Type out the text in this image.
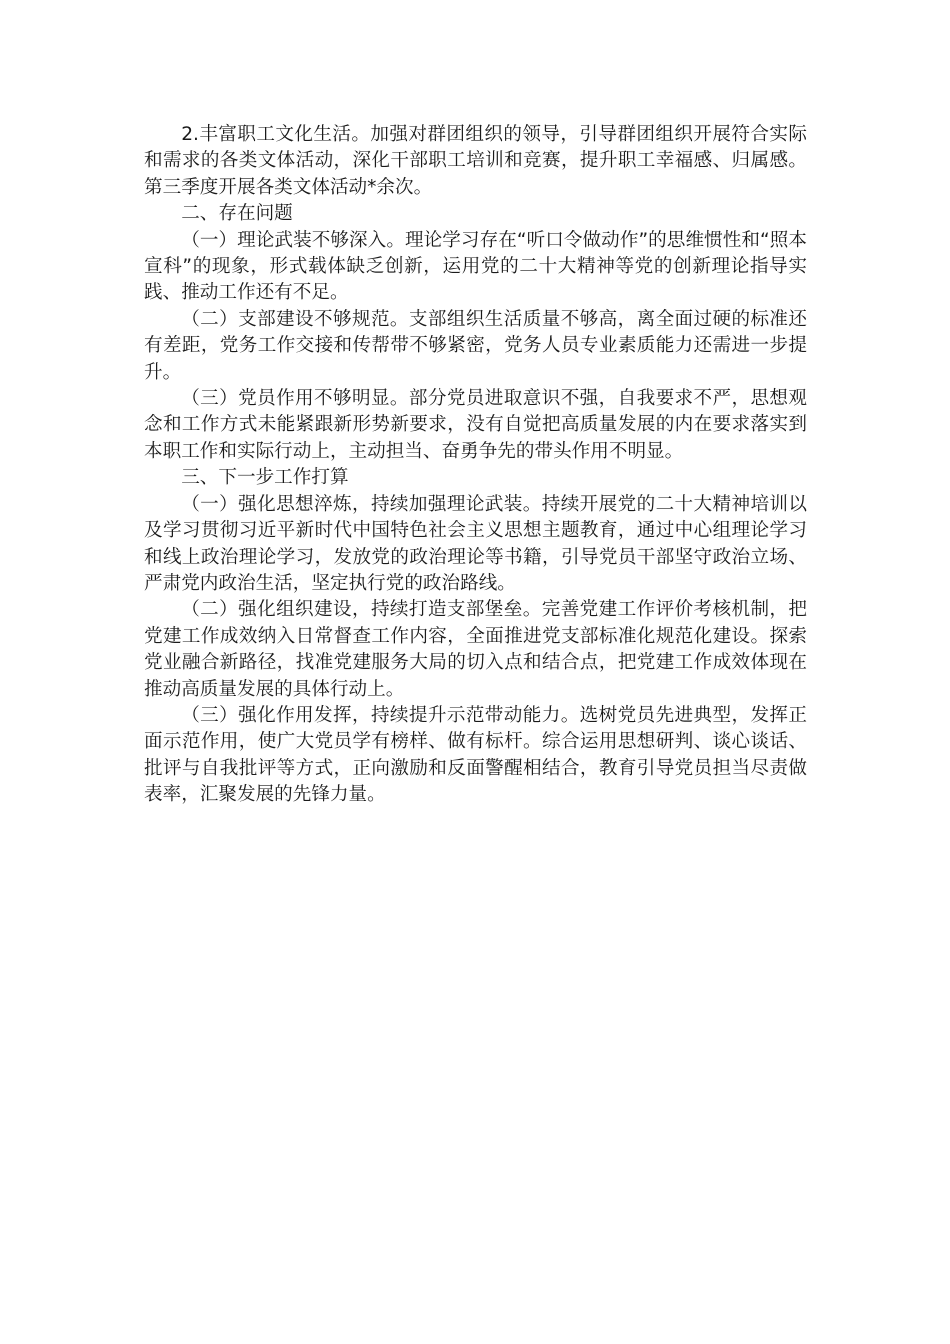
2.丰富职工文化生活。加强对群团组织的领导，引导群团组织开展符合实际和需求的各类文体活动，深化干部职工培训和竞赛，提升职工幸福感、归属感。第三季度开展各类文体活动*余次。

二、存在问题

（一）理论武装不够深入。理论学习存在“听口令做动作”的思维惯性和“照本宣科”的现象，形式载体缺乏创新，运用党的二十大精神等党的创新理论指导实践、推动工作还有不足。

（二）支部建设不够规范。支部组织生活质量不够高，离全面过硬的标准还有差距，党务工作交接和传帮带不够紧密，党务人员专业素质能力还需进一步提升。

（三）党员作用不够明显。部分党员进取意识不强，自我要求不严，思想观念和工作方式未能紧跟新形势新要求，没有自觉把高质量发展的内在要求落实到本职工作和实际行动上，主动担当、奋勇争先的带头作用不明显。

三、下一步工作打算

（一）强化思想淬炼，持续加强理论武装。持续开展党的二十大精神培训以及学习贯彻习近平新时代中国特色社会主义思想主题教育，通过中心组理论学习和线上政治理论学习，发放党的政治理论等书籍，引导党员干部坚守政治立场、严肃党内政治生活，坚定执行党的政治路线。

（二）强化组织建设，持续打造支部堡垒。完善党建工作评价考核机制，把党建工作成效纳入日常督查工作内容，全面推进党支部标准化规范化建设。探索党业融合新路径，找准党建服务大局的切入点和结合点，把党建工作成效体现在推动高质量发展的具体行动上。

（三）强化作用发挥，持续提升示范带动能力。选树党员先进典型，发挥正面示范作用，使广大党员学有榜样、做有标杆。综合运用思想研判、谈心谈话、批评与自我批评等方式，正向激励和反面警醒相结合，教育引导党员担当尽责做表率，汇聚发展的先锋力量。
